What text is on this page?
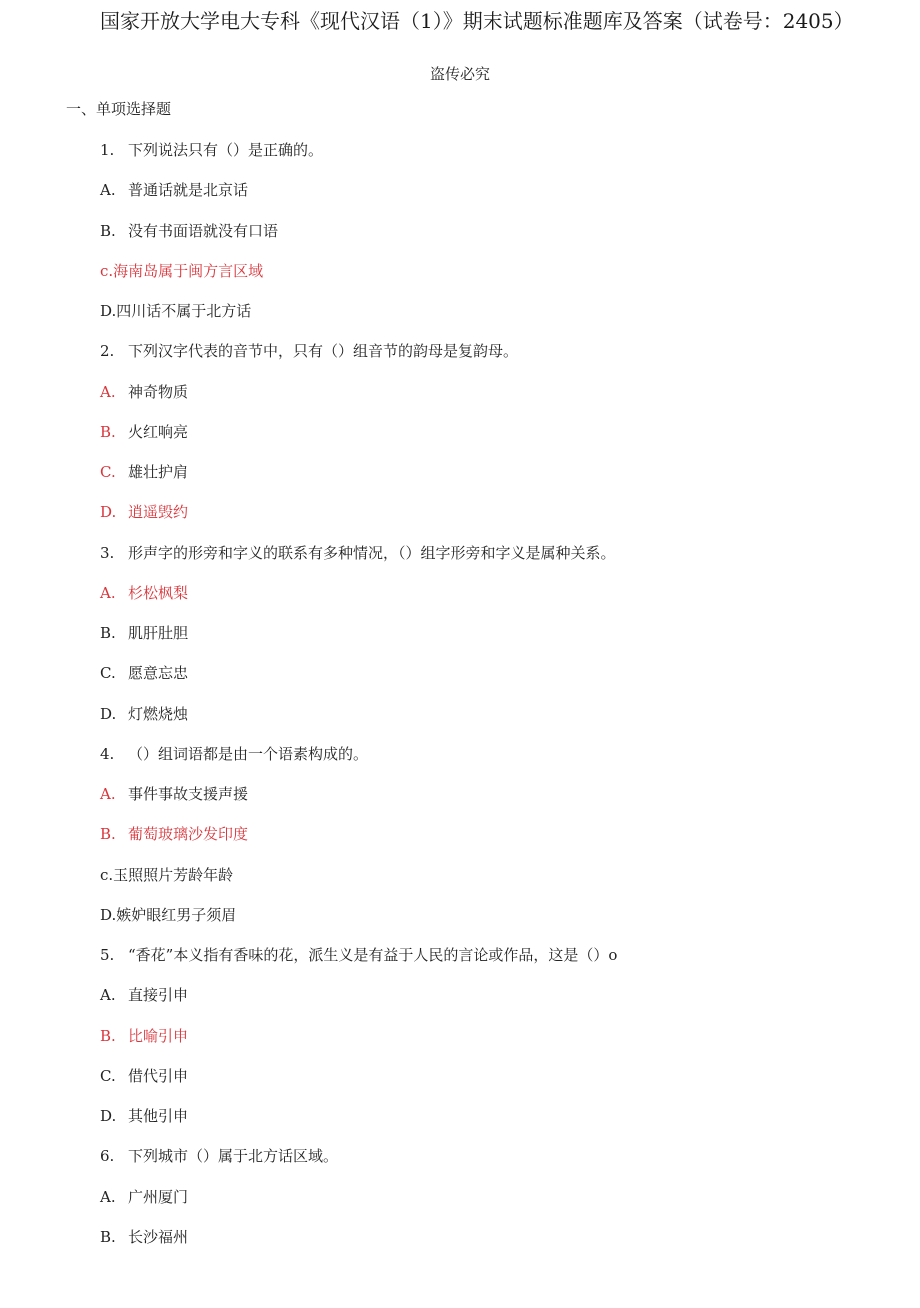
国家开放大学电大专科《现代汉语（1）》期末试题标准题库及答案（试卷号：2405）
盗传必究
一、单项选择题
1. 下列说法只有（）是正确的。
A. 普通话就是北京话
B. 没有书面语就没有口语
c.海南岛属于闽方言区域
D.四川话不属于北方话
2. 下列汉字代表的音节中，只有（）组音节的韵母是复韵母。
A. 神奇物质
B. 火红响亮
C. 雄壮护肩
D. 逍遥毁约
3. 形声字的形旁和字义的联系有多种情况，（）组字形旁和字义是属种关系。
A. 杉松枫梨
B. 肌肝肚胆
C. 愿意忘忠
D. 灯燃烧烛
4. （）组词语都是由一个语素构成的。
A. 事件事故支援声援
B. 葡萄玻璃沙发印度
c.玉照照片芳龄年龄
D.嫉妒眼红男子须眉
5. “香花”本义指有香味的花，派生义是有益于人民的言论或作品，这是（）o
A. 直接引申
B. 比喻引申
C. 借代引申
D. 其他引申
6. 下列城市（）属于北方话区域。
A. 广州厦门
B. 长沙福州
